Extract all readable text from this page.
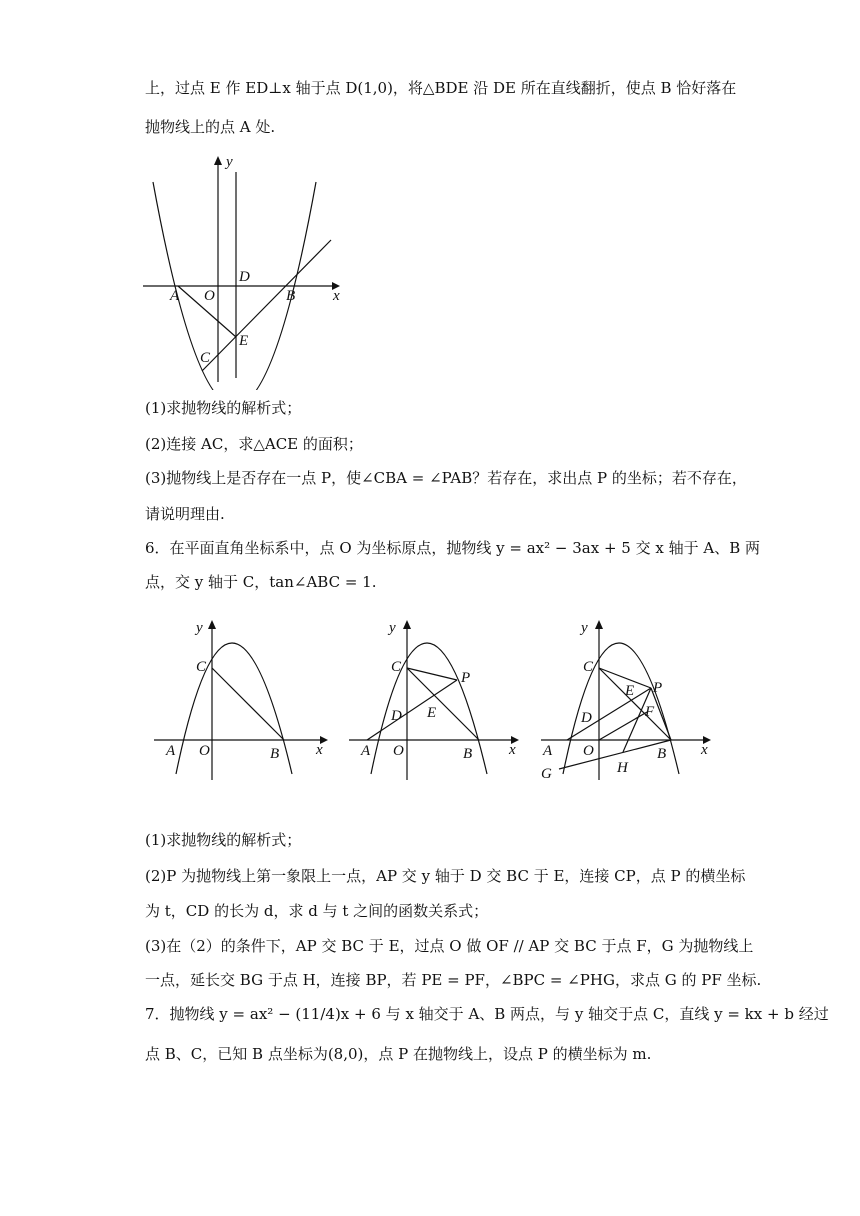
上，过点 E 作 ED⊥x 轴于点 D(1,0)，将△BDE 沿 DE 所在直线翻折，使点 B 恰好落在
抛物线上的点 A 处.
y
x
D
A O	B
E
C
(1)求抛物线的解析式；
(2)连接 AC，求△ACE 的面积；
(3)抛物线上是否存在一点 P，使∠CBA = ∠PAB？若存在，求出点 P 的坐标；若不存在，
请说明理由.
6．在平面直角坐标系中，点 O 为坐标原点，抛物线 y = ax² − 3ax + 5 交 x 轴于 A、B 两
点，交 y 轴于 C，tan∠ABC = 1.
y
x
C
A O	B
y
x
C
P
D E
A O	B
y
x
C
E P
F
D
A O	B
G	H
(1)求抛物线的解析式；
(2)P 为抛物线上第一象限上一点，AP 交 y 轴于 D 交 BC 于 E，连接 CP，点 P 的横坐标
为 t，CD 的长为 d，求 d 与 t 之间的函数关系式；
(3)在（2）的条件下，AP 交 BC 于 E，过点 O 做 OF // AP 交 BC 于点 F，G 为抛物线上
一点，延长交 BG 于点 H，连接 BP，若 PE = PF，∠BPC = ∠PHG，求点 G 的 PF 坐标.
7．抛物线 y = ax² − (11/4)x + 6 与 x 轴交于 A、B 两点，与 y 轴交于点 C，直线 y = kx + b 经过
点 B、C，已知 B 点坐标为(8,0)，点 P 在抛物线上，设点 P 的横坐标为 m.
